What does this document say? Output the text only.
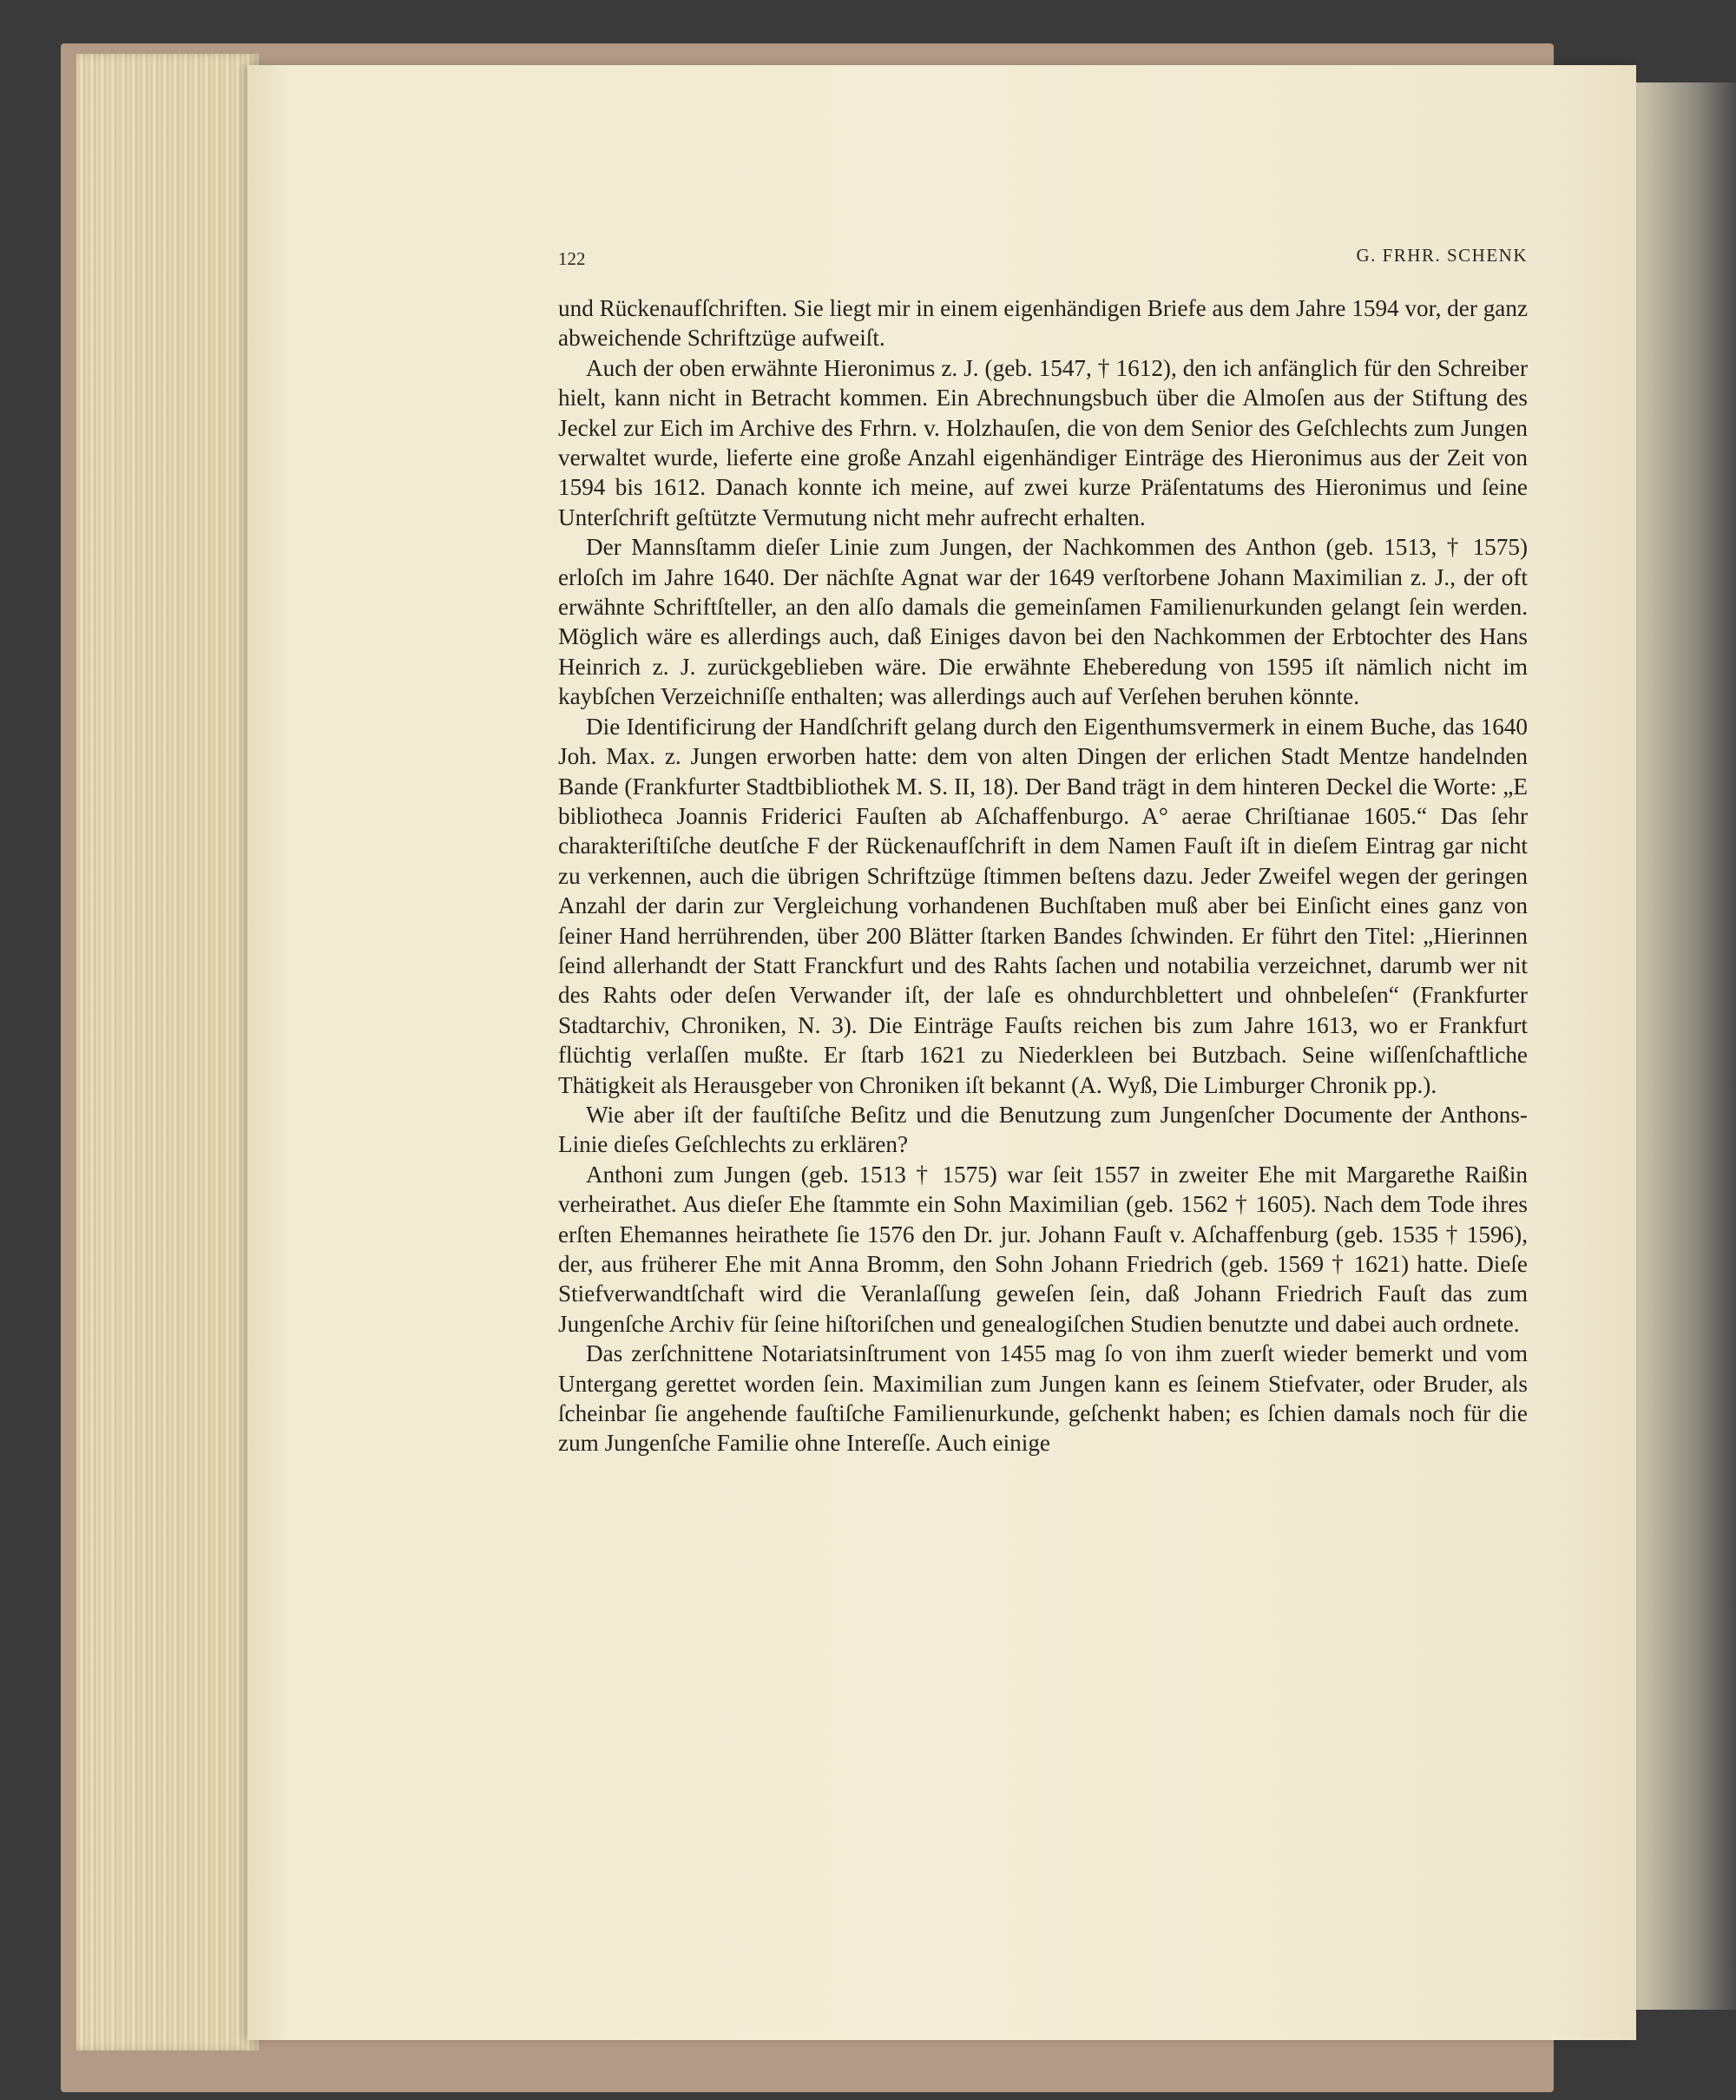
122	G. FRHR. SCHENK

und Rückenaufſchriften. Sie liegt mir in einem eigenhändigen Briefe aus dem Jahre 1594 vor, der ganz abweichende Schriftzüge aufweiſt.

Auch der oben erwähnte Hieronimus z. J. (geb. 1547, † 1612), den ich anfänglich für den Schreiber hielt, kann nicht in Betracht kommen. Ein Abrechnungsbuch über die Almoſen aus der Stiftung des Jeckel zur Eich im Archive des Frhrn. v. Holzhauſen, die von dem Senior des Geſchlechts zum Jungen verwaltet wurde, lieferte eine große Anzahl eigenhändiger Einträge des Hieronimus aus der Zeit von 1594 bis 1612. Danach konnte ich meine, auf zwei kurze Präſentatums des Hieronimus und ſeine Unterſchrift geſtützte Vermutung nicht mehr aufrecht erhalten.

Der Mannsſtamm dieſer Linie zum Jungen, der Nachkommen des Anthon (geb. 1513, † 1575) erloſch im Jahre 1640. Der nächſte Agnat war der 1649 verſtorbene Johann Maximilian z. J., der oft erwähnte Schriftſteller, an den alſo damals die gemeinſamen Familienurkunden gelangt ſein werden. Möglich wäre es allerdings auch, daß Einiges davon bei den Nachkommen der Erbtochter des Hans Heinrich z. J. zurückgeblieben wäre. Die erwähnte Eheberedung von 1595 iſt nämlich nicht im kaybſchen Verzeichniſſe enthalten; was allerdings auch auf Verſehen beruhen könnte.

Die Identificirung der Handſchrift gelang durch den Eigenthumsvermerk in einem Buche, das 1640 Joh. Max. z. Jungen erworben hatte: dem von alten Dingen der erlichen Stadt Mentze handelnden Bande (Frankfurter Stadtbibliothek M. S. II, 18). Der Band trägt in dem hinteren Deckel die Worte: „E bibliotheca Joannis Friderici Fauſten ab Aſchaffenburgo. A° aerae Chriſtianae 1605.“ Das ſehr charakteriſtiſche deutſche F der Rückenaufſchrift in dem Namen Fauſt iſt in dieſem Eintrag gar nicht zu verkennen, auch die übrigen Schriftzüge ſtimmen beſtens dazu. Jeder Zweifel wegen der geringen Anzahl der darin zur Vergleichung vorhandenen Buchſtaben muß aber bei Einſicht eines ganz von ſeiner Hand herrührenden, über 200 Blätter ſtarken Bandes ſchwinden. Er führt den Titel: „Hierinnen ſeind allerhandt der Statt Franckfurt und des Rahts ſachen und notabilia verzeichnet, darumb wer nit des Rahts oder deſen Verwander iſt, der laſe es ohndurchblettert und ohnbeleſen“ (Frankfurter Stadtarchiv, Chroniken, N. 3). Die Einträge Fauſts reichen bis zum Jahre 1613, wo er Frankfurt flüchtig verlaſſen mußte. Er ſtarb 1621 zu Niederkleen bei Butzbach. Seine wiſſenſchaftliche Thätigkeit als Herausgeber von Chroniken iſt bekannt (A. Wyß, Die Limburger Chronik pp.).

Wie aber iſt der fauſtiſche Beſitz und die Benutzung zum Jungenſcher Documente der Anthons-Linie dieſes Geſchlechts zu erklären?

Anthoni zum Jungen (geb. 1513 † 1575) war ſeit 1557 in zweiter Ehe mit Margarethe Raißin verheirathet. Aus dieſer Ehe ſtammte ein Sohn Maximilian (geb. 1562 † 1605). Nach dem Tode ihres erſten Ehemannes heirathete ſie 1576 den Dr. jur. Johann Fauſt v. Aſchaffenburg (geb. 1535 † 1596), der, aus früherer Ehe mit Anna Bromm, den Sohn Johann Friedrich (geb. 1569 † 1621) hatte. Dieſe Stiefverwandtſchaft wird die Veranlaſſung geweſen ſein, daß Johann Friedrich Fauſt das zum Jungenſche Archiv für ſeine hiſtoriſchen und genealogiſchen Studien benutzte und dabei auch ordnete.

Das zerſchnittene Notariatsinſtrument von 1455 mag ſo von ihm zuerſt wieder bemerkt und vom Untergang gerettet worden ſein. Maximilian zum Jungen kann es ſeinem Stiefvater, oder Bruder, als ſcheinbar ſie angehende fauſtiſche Familienurkunde, geſchenkt haben; es ſchien damals noch für die zum Jungenſche Familie ohne Intereſſe. Auch einige
